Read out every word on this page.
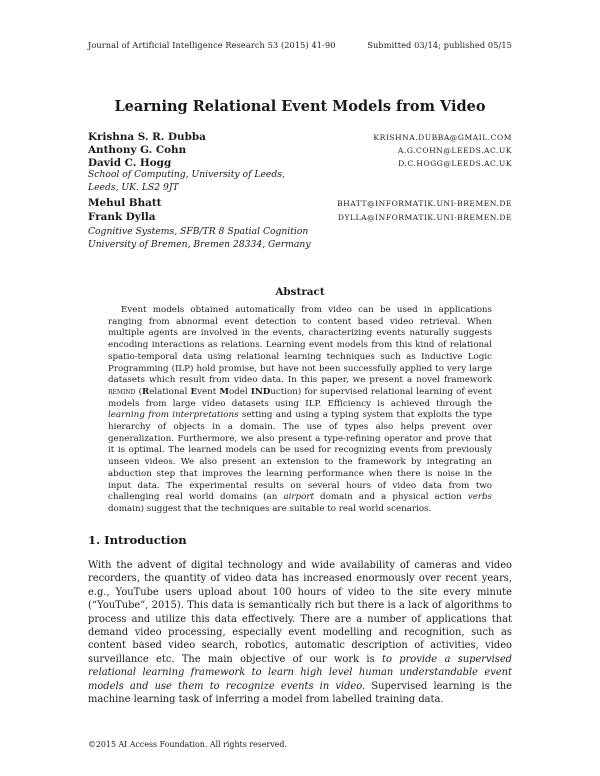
Journal of Artificial Intelligence Research 53 (2015) 41-90	Submitted 03/14; published 05/15
Learning Relational Event Models from Video
Krishna S. R. Dubba	KRISHNA.DUBBA@GMAIL.COM
Anthony G. Cohn	A.G.COHN@LEEDS.AC.UK
David C. Hogg	D.C.HOGG@LEEDS.AC.UK
School of Computing, University of Leeds,
Leeds, UK. LS2 9JT
Mehul Bhatt	BHATT@INFORMATIK.UNI-BREMEN.DE
Frank Dylla	DYLLA@INFORMATIK.UNI-BREMEN.DE
Cognitive Systems, SFB/TR 8 Spatial Cognition
University of Bremen, Bremen 28334, Germany
Abstract
Event models obtained automatically from video can be used in applications ranging from abnormal event detection to content based video retrieval. When multiple agents are involved in the events, characterizing events naturally suggests encoding interactions as relations. Learning event models from this kind of relational spatio-temporal data using relational learning techniques such as Inductive Logic Programming (ILP) hold promise, but have not been successfully applied to very large datasets which result from video data. In this paper, we present a novel framework remind (Relational Event Model INDuction) for supervised relational learning of event models from large video datasets using ILP. Efficiency is achieved through the learning from interpretations setting and using a typing system that exploits the type hierarchy of objects in a domain. The use of types also helps prevent over generalization. Furthermore, we also present a type-refining operator and prove that it is optimal. The learned models can be used for recognizing events from previously unseen videos. We also present an extension to the framework by integrating an abduction step that improves the learning performance when there is noise in the input data. The experimental results on several hours of video data from two challenging real world domains (an airport domain and a physical action verbs domain) suggest that the techniques are suitable to real world scenarios.
1. Introduction
With the advent of digital technology and wide availability of cameras and video recorders, the quantity of video data has increased enormously over recent years, e.g., YouTube users upload about 100 hours of video to the site every minute (“YouTube”, 2015). This data is semantically rich but there is a lack of algorithms to process and utilize this data effectively. There are a number of applications that demand video processing, especially event modelling and recognition, such as content based video search, robotics, automatic description of activities, video surveillance etc. The main objective of our work is to provide a supervised relational learning framework to learn high level human understandable event models and use them to recognize events in video. Supervised learning is the machine learning task of inferring a model from labelled training data.
©2015 AI Access Foundation. All rights reserved.
